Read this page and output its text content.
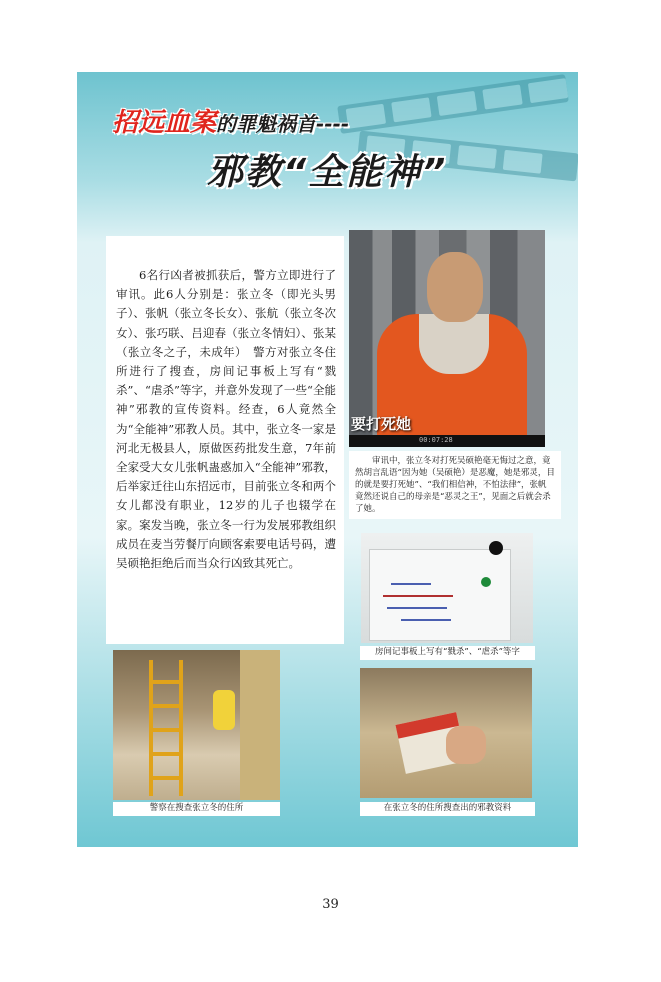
招远血案的罪魁祸首----
邪教“全能神”

6名行凶者被抓获后，警方立即进行了审讯。此6人分别是：张立冬（即光头男子）、张帆（张立冬长女）、张航（张立冬次女）、张巧联、吕迎春（张立冬情妇）、张某（张立冬之子，未成年）　警方对张立冬住所进行了搜查，房间记事板上写有“戮杀”、“虐杀”等字，并意外发现了一些“全能神”邪教的宣传资料。经查，6人竟然全为“全能神”邪教人员。其中，张立冬一家是河北无极县人，原做医药批发生意，7年前全家受大女儿张帆蛊惑加入“全能神”邪教，后举家迁往山东招远市，目前张立冬和两个女儿都没有职业，12岁的儿子也辍学在家。案发当晚，张立冬一行为发展邪教组织成员在麦当劳餐厅向顾客索要电话号码，遭吴硕艳拒绝后而当众行凶致其死亡。

要打死她
00:07:28
审讯中，张立冬对打死吴硕艳毫无悔过之意，竟然胡言乱语“因为她（吴硕艳）是恶魔，她是邪灵，目的就是要打死她”、“我们相信神，不怕法律”，张帆竟然还说自己的母亲是“恶灵之王”，见面之后就会杀了她。
房间记事板上写有“戮杀”、“虐杀”等字
警察在搜查张立冬的住所	在张立冬的住所搜查出的邪教资料
39
